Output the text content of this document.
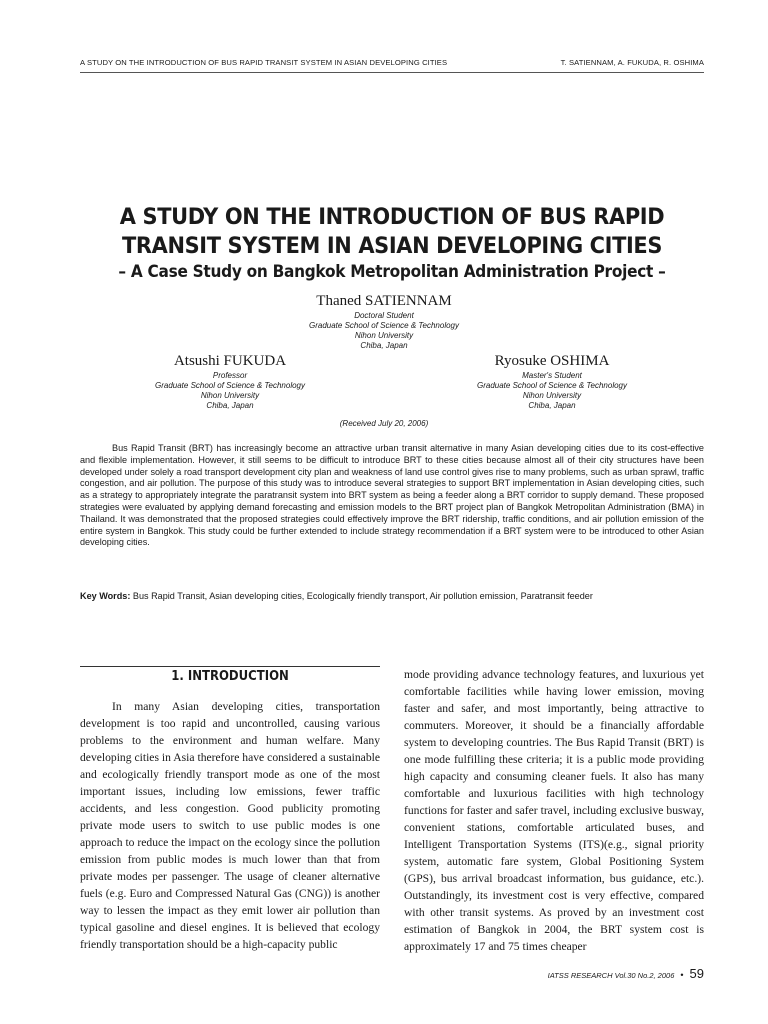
A STUDY ON THE INTRODUCTION OF BUS RAPID TRANSIT SYSTEM IN ASIAN DEVELOPING CITIES	T. SATIENNAM, A. FUKUDA, R. OSHIMA
A STUDY ON THE INTRODUCTION OF BUS RAPID
TRANSIT SYSTEM IN ASIAN DEVELOPING CITIES
– A Case Study on Bangkok Metropolitan Administration Project –
Thaned SATIENNAM
Doctoral Student
Graduate School of Science & Technology
Nihon University
Chiba, Japan
Atsushi FUKUDA
Professor
Graduate School of Science & Technology
Nihon University
Chiba, Japan
Ryosuke OSHIMA
Master's Student
Graduate School of Science & Technology
Nihon University
Chiba, Japan
(Received July 20, 2006)
Bus Rapid Transit (BRT) has increasingly become an attractive urban transit alternative in many Asian developing cities due to its cost-effective and flexible implementation. However, it still seems to be difficult to introduce BRT to these cities because almost all of their city structures have been developed under solely a road transport development city plan and weakness of land use control gives rise to many problems, such as urban sprawl, traffic congestion, and air pollution. The purpose of this study was to introduce several strategies to support BRT implementation in Asian developing cities, such as a strategy to appropriately integrate the paratransit system into BRT system as being a feeder along a BRT corridor to supply demand. These proposed strategies were evaluated by applying demand forecasting and emission models to the BRT project plan of Bangkok Metropolitan Administration (BMA) in Thailand. It was demonstrated that the proposed strategies could effectively improve the BRT ridership, traffic conditions, and air pollution emission of the entire system in Bangkok. This study could be further extended to include strategy recommendation if a BRT system were to be introduced to other Asian developing cities.
Key Words: Bus Rapid Transit, Asian developing cities, Ecologically friendly transport, Air pollution emission, Paratransit feeder
1. INTRODUCTION

In many Asian developing cities, transportation development is too rapid and uncontrolled, causing various problems to the environment and human welfare. Many developing cities in Asia therefore have considered a sustainable and ecologically friendly transport mode as one of the most important issues, including low emissions, fewer traffic accidents, and less congestion. Good publicity promoting private mode users to switch to use public modes is one approach to reduce the impact on the ecology since the pollution emission from public modes is much lower than that from private modes per passenger. The usage of cleaner alternative fuels (e.g. Euro and Compressed Natural Gas (CNG)) is another way to lessen the impact as they emit lower air pollution than typical gasoline and diesel engines. It is believed that ecology friendly transportation should be a high-capacity public

mode providing advance technology features, and luxurious yet comfortable facilities while having lower emission, moving faster and safer, and most importantly, being attractive to commuters. Moreover, it should be a financially affordable system to developing countries. The Bus Rapid Transit (BRT) is one mode fulfilling these criteria; it is a public mode providing high capacity and consuming cleaner fuels. It also has many comfortable and luxurious facilities with high technology functions for faster and safer travel, including exclusive busway, convenient stations, comfortable articulated buses, and Intelligent Transportation Systems (ITS)(e.g., signal priority system, automatic fare system, Global Positioning System (GPS), bus arrival broadcast information, bus guidance, etc.). Outstandingly, its investment cost is very effective, compared with other transit systems. As proved by an investment cost estimation of Bangkok in 2004, the BRT system cost is approximately 17 and 75 times cheaper

IATSS RESEARCH Vol.30 No.2, 2006 • 59
